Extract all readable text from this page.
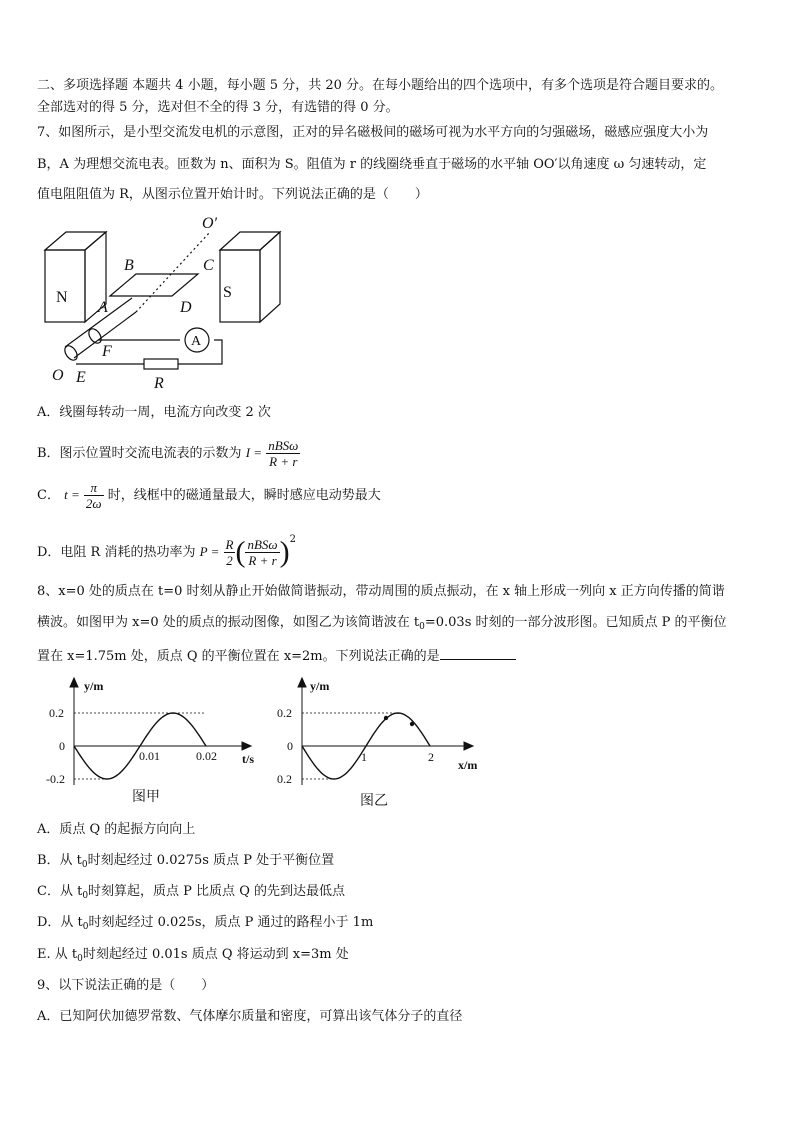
二、多项选择题 本题共 4 小题，每小题 5 分，共 20 分。在每小题给出的四个选项中，有多个选项是符合题目要求的。
全部选对的得 5 分，选对但不全的得 3 分，有选错的得 0 分。
7、如图所示，是小型交流发电机的示意图，正对的异名磁极间的磁场可视为水平方向的匀强磁场，磁感应强度大小为
B，A 为理想交流电表。匝数为 n、面积为 S。阻值为 r 的线圈绕垂直于磁场的水平轴 OO′以角速度 ω 匀速转动，定
值电阻阻值为 R，从图示位置开始计时。下列说法正确的是（　　）
N	S
B	C
A	D
F
E
O
O′
R
A
A．线圈每转动一周，电流方向改变 2 次
B．图示位置时交流电流表的示数为 $I = \frac{\text{nBSω}}{R + r}$
C． $t = \frac{\pi}{2\omega}$ 时，线框中的磁通量最大，瞬时感应电动势最大
D．电阻 R 消耗的热功率为 $P = \frac{R}{2}$ ( $\frac{\text{nBSω}}{R + r} )^2$
8、x=0 处的质点在 t=0 时刻从静止开始做简谐振动，带动周围的质点振动，在 x 轴上形成一列向 x 正方向传播的简谐
横波。如图甲为 x=0 处的质点的振动图像，如图乙为该简谐波在 $t_0=0.03s$ 时刻的一部分波形图。已知质点 P 的平衡位
置在 x=1.75m 处，质点 Q 的平衡位置在 x=2m。下列说法正确的是
y/m
t/s
0.2
0
-0.2
0.01	0.02
图甲
y/m
x/m
0.2
0
0.2
1	2
图乙
A．质点 Q 的起振方向向上
B．从 $t_0$时刻起经过 0.0275s 质点 P 处于平衡位置
C．从 $t_0$时刻算起，质点 P 比质点 Q 的先到达最低点
D．从 $t_0$时刻起经过 0.025s，质点 P 通过的路程小于 1m
E. 从 $t_0$时刻起经过 0.01s 质点 Q 将运动到 x=3m 处
9、以下说法正确的是（　　）
A．已知阿伏加德罗常数、气体摩尔质量和密度，可算出该气体分子的直径
